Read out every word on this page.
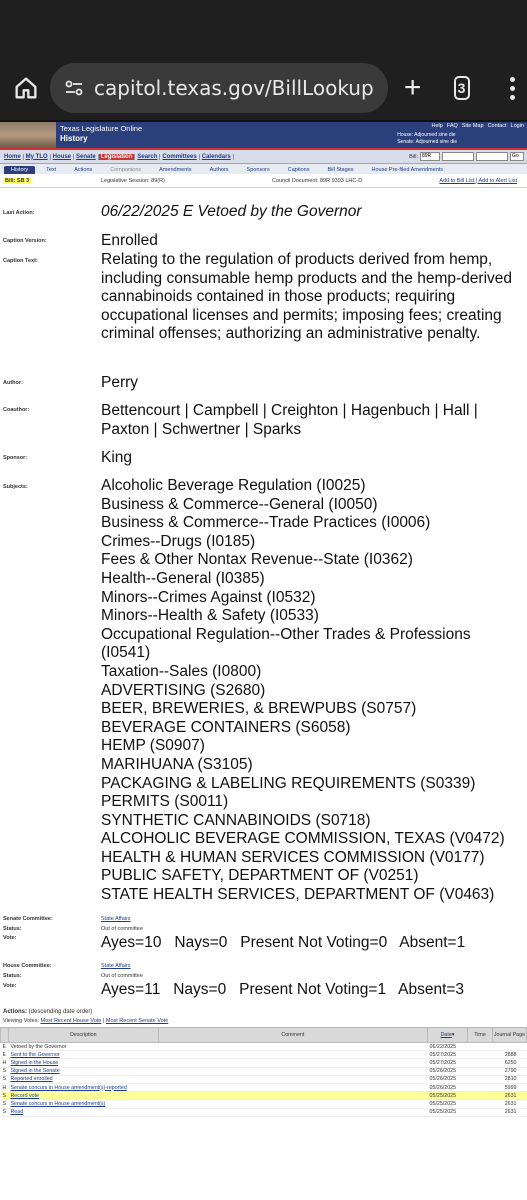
capitol.texas.gov/BillLookup +	3
Texas Legislature Online
History
Help FAQ Site Map Contact Login
House: Adjourned sine die
Senate: Adjourned sine die
Home My TLO House Senate Legislation Search Committees Calendars	Bill: 89R	Go
History	Text	Actions	Companions	Amendments	Authors	Sponsors	Captions	Bill Stages	House Pre-filed Amendments
Bill: SB 3	Legislative Session: 89(R)	Council Document: 89R 9393 LHC-D	Add to Bill List | Add to Alert List
Last Action:	06/22/2025 E Vetoed by the Governor
Caption Version:	Enrolled
Caption Text:	Relating to the regulation of products derived from hemp, including consumable hemp products and the hemp-derived cannabinoids contained in those products; requiring occupational licenses and permits; imposing fees; creating criminal offenses; authorizing an administrative penalty.
Author:	Perry
Coauthor:	Bettencourt | Campbell | Creighton | Hagenbuch | Hall | Paxton | Schwertner | Sparks
Sponsor:	King
Subjects:	Alcoholic Beverage Regulation (I0025)
Business & Commerce--General (I0050)
Business & Commerce--Trade Practices (I0006)
Crimes--Drugs (I0185)
Fees & Other Nontax Revenue--State (I0362)
Health--General (I0385)
Minors--Crimes Against (I0532)
Minors--Health & Safety (I0533)
Occupational Regulation--Other Trades & Professions
(I0541)
Taxation--Sales (I0800)
ADVERTISING (S2680)
BEER, BREWERIES, & BREWPUBS (S0757)
BEVERAGE CONTAINERS (S6058)
HEMP (S0907)
MARIHUANA (S3105)
PACKAGING & LABELING REQUIREMENTS (S0339)
PERMITS (S0011)
SYNTHETIC CANNABINOIDS (S0718)
ALCOHOLIC BEVERAGE COMMISSION, TEXAS (V0472)
HEALTH & HUMAN SERVICES COMMISSION (V0177)
PUBLIC SAFETY, DEPARTMENT OF (V0251)
STATE HEALTH SERVICES, DEPARTMENT OF (V0463)
Senate Committee:	State Affairs
Status:	Out of committee
Vote:	Ayes=10   Nays=0   Present Not Voting=0   Absent=1
House Committee:	State Affairs
Status:	Out of committee
Vote:	Ayes=11   Nays=0   Present Not Voting=1   Absent=3
Actions: (descending date order)
Viewing Votes: Most Recent House Vote | Most Recent Senate Vote
	Description	Comment	Date▾	Time	Journal Page
E	Vetoed by the Governor		06/22/2025		
E	Sent to the Governor		05/27/2025		2888
H	Signed in the House		05/27/2025		6250
S	Signed in the Senate		05/26/2025		2790
S	Reported enrolled		05/26/2025		2810
H	Senate concurs in House amendment(s)-reported		05/26/2025		5999
S	Record vote		05/25/2025		2631
S	Senate concurs in House amendment(s)		05/25/2025		2631
S	Read		05/25/2025		2631
